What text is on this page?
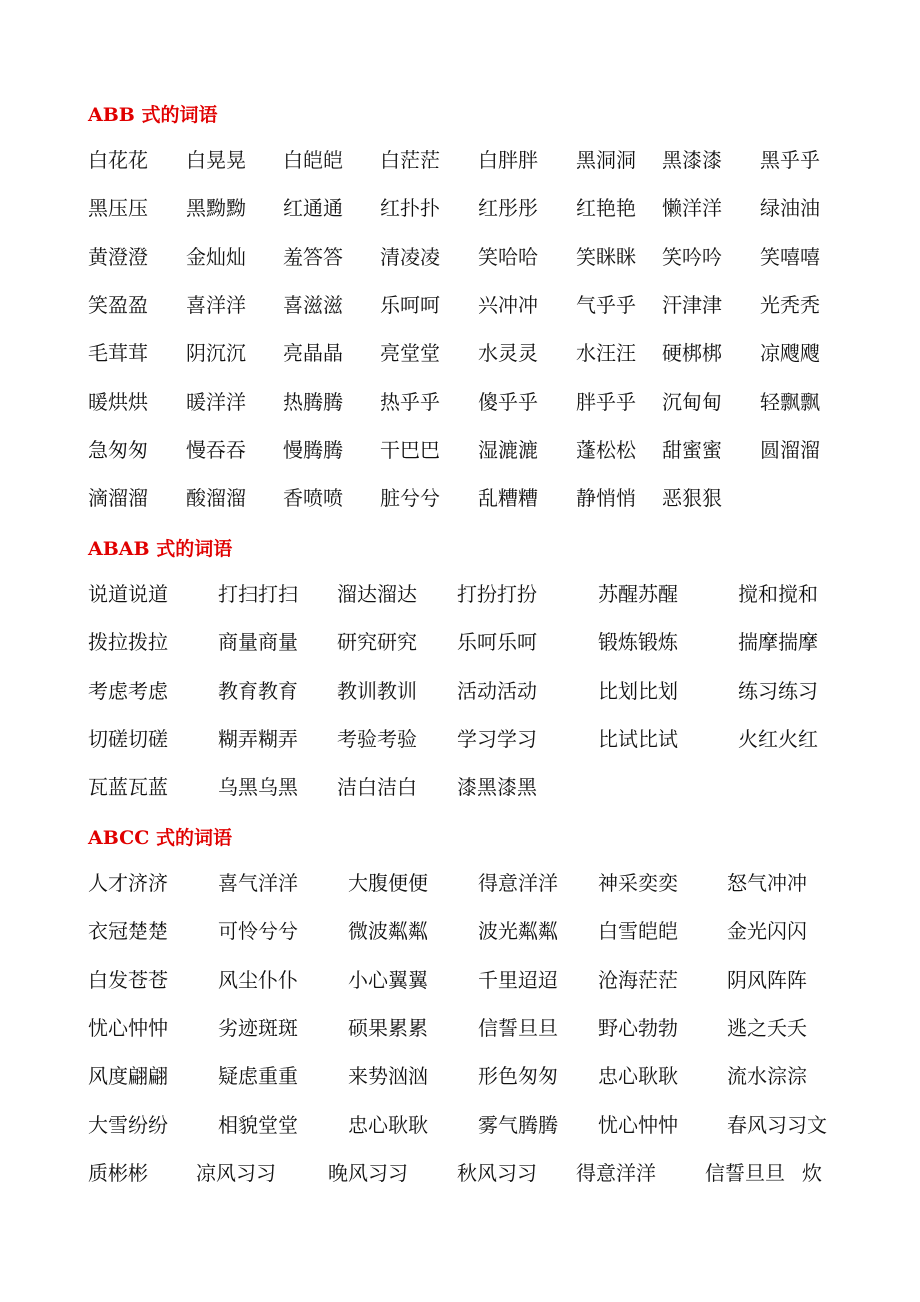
ABB 式的词语
白花花 白晃晃 白皑皑 白茫茫 白胖胖 黑洞洞 黑漆漆 黑乎乎
黑压压 黑黝黝 红通通 红扑扑 红彤彤 红艳艳 懒洋洋 绿油油
黄澄澄 金灿灿 羞答答 清凌凌 笑哈哈 笑眯眯 笑吟吟 笑嘻嘻
笑盈盈 喜洋洋 喜滋滋 乐呵呵 兴冲冲 气乎乎 汗津津 光秃秃
毛茸茸 阴沉沉 亮晶晶 亮堂堂 水灵灵 水汪汪 硬梆梆 凉飕飕
暖烘烘 暖洋洋 热腾腾 热乎乎 傻乎乎 胖乎乎 沉甸甸 轻飘飘
急匆匆 慢吞吞 慢腾腾 干巴巴 湿漉漉 蓬松松 甜蜜蜜 圆溜溜
滴溜溜 酸溜溜 香喷喷 脏兮兮 乱糟糟 静悄悄 恶狠狠
ABAB 式的词语
说道说道	打扫打扫 溜达溜达 打扮打扮	苏醒苏醒	搅和搅和
拨拉拨拉	商量商量 研究研究 乐呵乐呵	锻炼锻炼	揣摩揣摩
考虑考虑	教育教育 教训教训 活动活动	比划比划	练习练习
切磋切磋	糊弄糊弄 考验考验 学习学习	比试比试	火红火红
瓦蓝瓦蓝	乌黑乌黑 洁白洁白 漆黑漆黑
ABCC 式的词语
人才济济	喜气洋洋	大腹便便	得意洋洋 神采奕奕 怒气冲冲
衣冠楚楚	可怜兮兮	微波粼粼	波光粼粼 白雪皑皑 金光闪闪
白发苍苍	风尘仆仆	小心翼翼	千里迢迢 沧海茫茫 阴风阵阵
忧心忡忡	劣迹斑斑	硕果累累	信誓旦旦 野心勃勃 逃之夭夭
风度翩翩	疑虑重重	来势汹汹	形色匆匆 忠心耿耿 流水淙淙
大雪纷纷	相貌堂堂	忠心耿耿	雾气腾腾 忧心忡忡 春风习习文
质彬彬 凉风习习	晚风习习 秋风习习 得意洋洋 信誓旦旦 炊
